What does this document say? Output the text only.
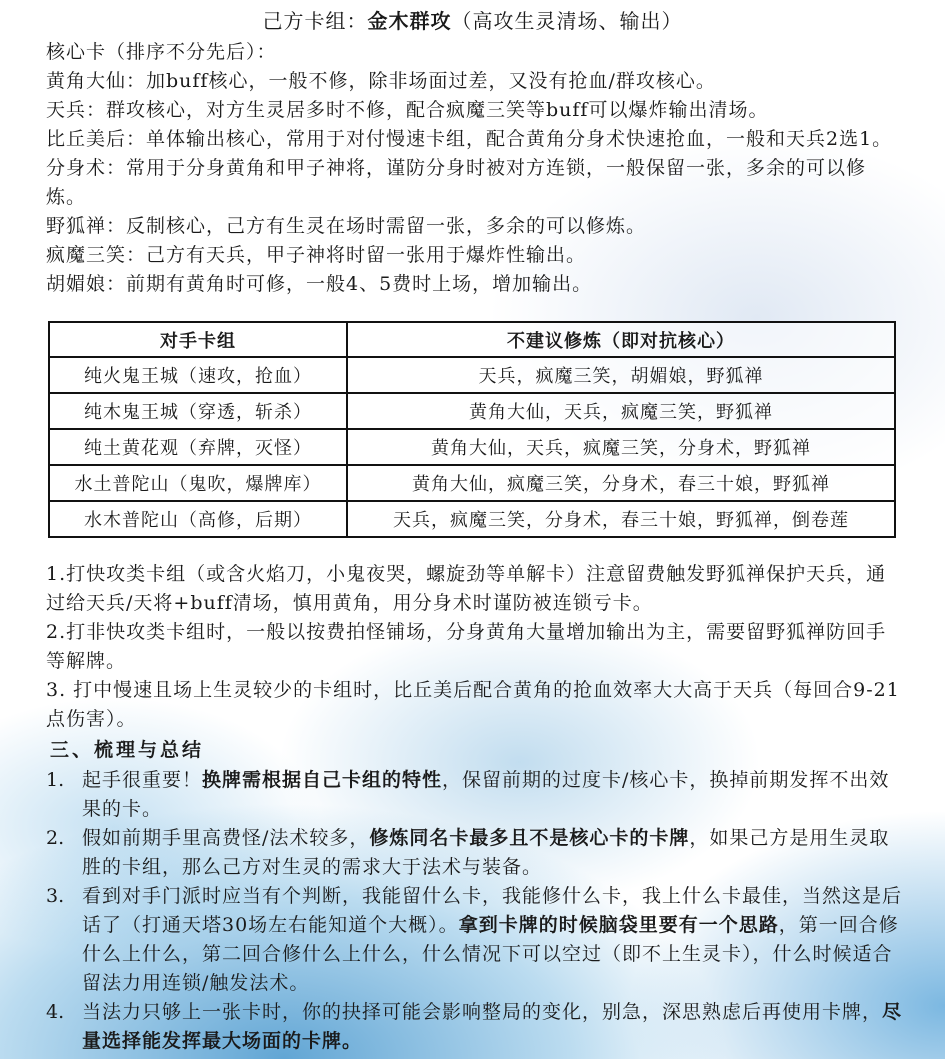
己方卡组：金木群攻（高攻生灵清场、输出）

核心卡（排序不分先后）：

黄角大仙：加buff核心，一般不修，除非场面过差，又没有抢血/群攻核心。

天兵：群攻核心，对方生灵居多时不修，配合疯魔三笑等buff可以爆炸输出清场。

比丘美后：单体输出核心，常用于对付慢速卡组，配合黄角分身术快速抢血，一般和天兵2选1。

分身术：常用于分身黄角和甲子神将，谨防分身时被对方连锁，一般保留一张，多余的可以修炼。

野狐禅：反制核心，己方有生灵在场时需留一张，多余的可以修炼。

疯魔三笑：己方有天兵，甲子神将时留一张用于爆炸性输出。

胡媚娘：前期有黄角时可修，一般4、5费时上场，增加输出。

对手卡组	不建议修炼（即对抗核心）
纯火鬼王城（速攻，抢血）	天兵，疯魔三笑，胡媚娘，野狐禅
纯木鬼王城（穿透，斩杀）	黄角大仙，天兵，疯魔三笑，野狐禅
纯土黄花观（弃牌，灭怪）	黄角大仙，天兵，疯魔三笑，分身术，野狐禅
水土普陀山（鬼吹，爆牌库）	黄角大仙，疯魔三笑，分身术，春三十娘，野狐禅
水木普陀山（高修，后期）	天兵，疯魔三笑，分身术，春三十娘，野狐禅，倒卷莲

1.打快攻类卡组（或含火焰刀，小鬼夜哭，螺旋劲等单解卡）注意留费触发野狐禅保护天兵，通过给天兵/天将+buff清场，慎用黄角，用分身术时谨防被连锁亏卡。

2.打非快攻类卡组时，一般以按费拍怪铺场，分身黄角大量增加输出为主，需要留野狐禅防回手等解牌。

3. 打中慢速且场上生灵较少的卡组时，比丘美后配合黄角的抢血效率大大高于天兵（每回合9-21点伤害）。

三、梳理与总结
1. 起手很重要！换牌需根据自己卡组的特性，保留前期的过度卡/核心卡，换掉前期发挥不出效果的卡。
2. 假如前期手里高费怪/法术较多，修炼同名卡最多且不是核心卡的卡牌，如果己方是用生灵取胜的卡组，那么己方对生灵的需求大于法术与装备。
3. 看到对手门派时应当有个判断，我能留什么卡，我能修什么卡，我上什么卡最佳，当然这是后话了（打通天塔30场左右能知道个大概）。拿到卡牌的时候脑袋里要有一个思路，第一回合修什么上什么，第二回合修什么上什么，什么情况下可以空过（即不上生灵卡），什么时候适合留法力用连锁/触发法术。
4. 当法力只够上一张卡时，你的抉择可能会影响整局的变化，别急，深思熟虑后再使用卡牌，尽量选择能发挥最大场面的卡牌。
